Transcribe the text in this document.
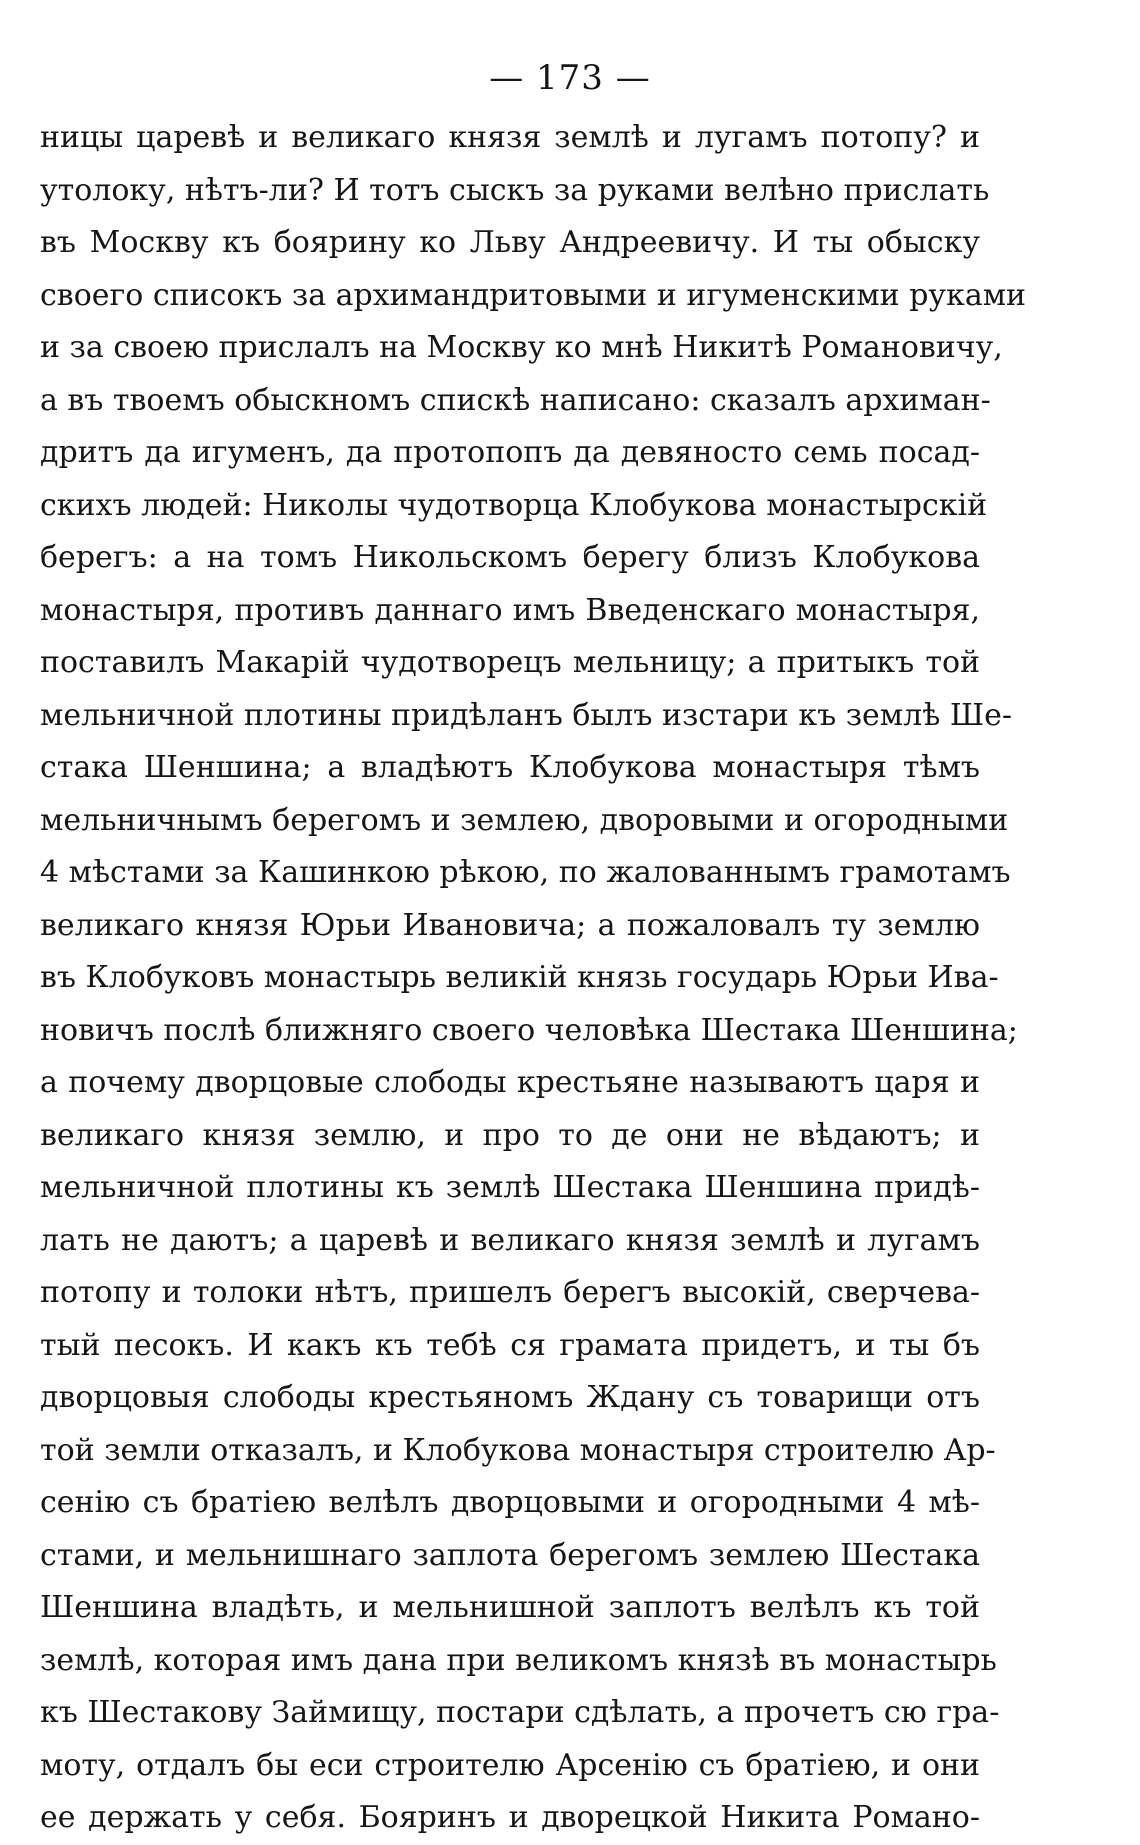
— 173 —
ницы царевѣ и великаго князя землѣ и лугамъ потопу? и
утолоку, нѣтъ-ли? И тотъ сыскъ за руками велѣно прислать
въ Москву къ боярину ко Льву Андреевичу. И ты обыску
своего списокъ за архимандритовыми и игуменскими руками
и за своею прислалъ на Москву ко мнѣ Никитѣ Романовичу,
а въ твоемъ обыскномъ спискѣ написано: сказалъ архиман-
дритъ да игуменъ, да протопопъ да девяносто семь посад-
скихъ людей: Николы чудотворца Клобукова монастырскій
берегъ: а на томъ Никольскомъ берегу близъ Клобукова
монастыря, противъ даннаго имъ Введенскаго монастыря,
поставилъ Макарій чудотворецъ мельницу; а притыкъ той
мельничной плотины придѣланъ былъ изстари къ землѣ Ше-
стака Шеншина; а владѣютъ Клобукова монастыря тѣмъ
мельничнымъ берегомъ и землею, дворовыми и огородными
4 мѣстами за Кашинкою рѣкою, по жалованнымъ грамотамъ
великаго князя Юрьи Ивановича; а пожаловалъ ту землю
въ Клобуковъ монастырь великій князь государь Юрьи Ива-
новичъ послѣ ближняго своего человѣка Шестака Шеншина;
а почему дворцовые слободы крестьяне называютъ царя и
великаго князя землю, и про то де они не вѣдаютъ; и
мельничной плотины къ землѣ Шестака Шеншина придѣ-
лать не даютъ; а царевѣ и великаго князя землѣ и лугамъ
потопу и толоки нѣтъ, пришелъ берегъ высокій, сверчева-
тый песокъ. И какъ къ тебѣ ся грамата придетъ, и ты бъ
дворцовыя слободы крестьяномъ Ждану съ товарищи отъ
той земли отказалъ, и Клобукова монастыря строителю Ар-
сенію съ братіею велѣлъ дворцовыми и огородными 4 мѣ-
стами, и мельнишнаго заплота берегомъ землею Шестака
Шеншина владѣть, и мельнишной заплотъ велѣлъ къ той
землѣ, которая имъ дана при великомъ князѣ въ монастырь
къ Шестакову Займищу, постари сдѣлать, а прочетъ сю гра-
моту, отдалъ бы еси строителю Арсенію съ братіею, и они
ее держать у себя. Бояринъ и дворецкой Никита Романо-
